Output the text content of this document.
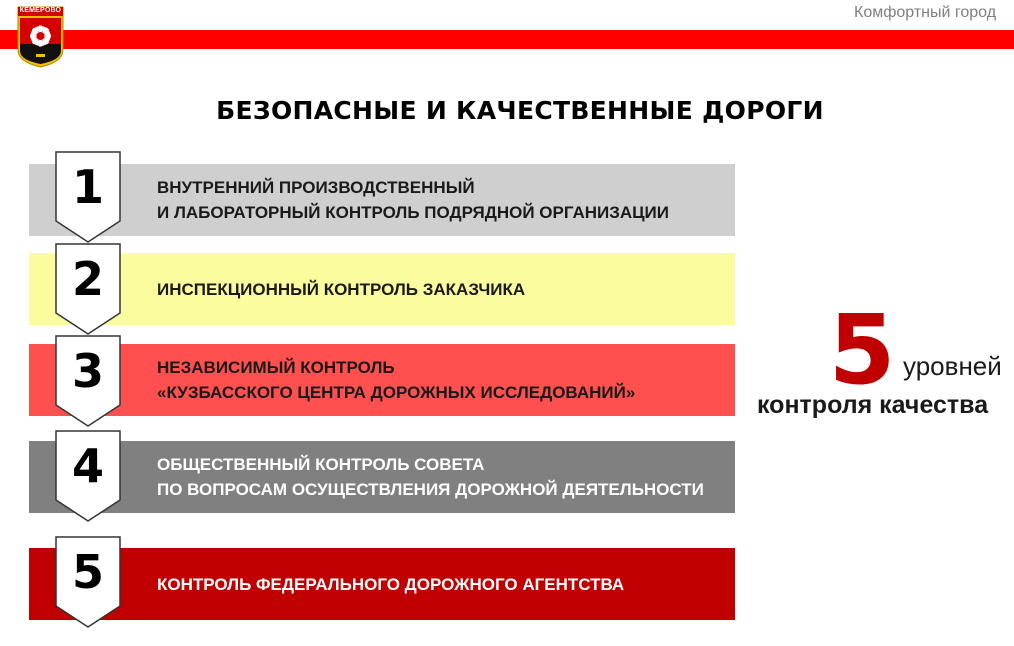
Комфортный город
КЕМЕРОВО
БЕЗОПАСНЫЕ И КАЧЕСТВЕННЫЕ ДОРОГИ
ВНУТРЕННИЙ ПРОИЗВОДСТВЕННЫЙ
И ЛАБОРАТОРНЫЙ КОНТРОЛЬ ПОДРЯДНОЙ ОРГАНИЗАЦИИ
ИНСПЕКЦИОННЫЙ КОНТРОЛЬ ЗАКАЗЧИКА
НЕЗАВИСИМЫЙ КОНТРОЛЬ
«КУЗБАССКОГО ЦЕНТРА ДОРОЖНЫХ ИССЛЕДОВАНИЙ»
ОБЩЕСТВЕННЫЙ КОНТРОЛЬ СОВЕТА
ПО ВОПРОСАМ ОСУЩЕСТВЛЕНИЯ ДОРОЖНОЙ ДЕЯТЕЛЬНОСТИ
КОНТРОЛЬ ФЕДЕРАЛЬНОГО ДОРОЖНОГО АГЕНТСТВА
1
2
3
4
5
5 уровней
контроля качества
